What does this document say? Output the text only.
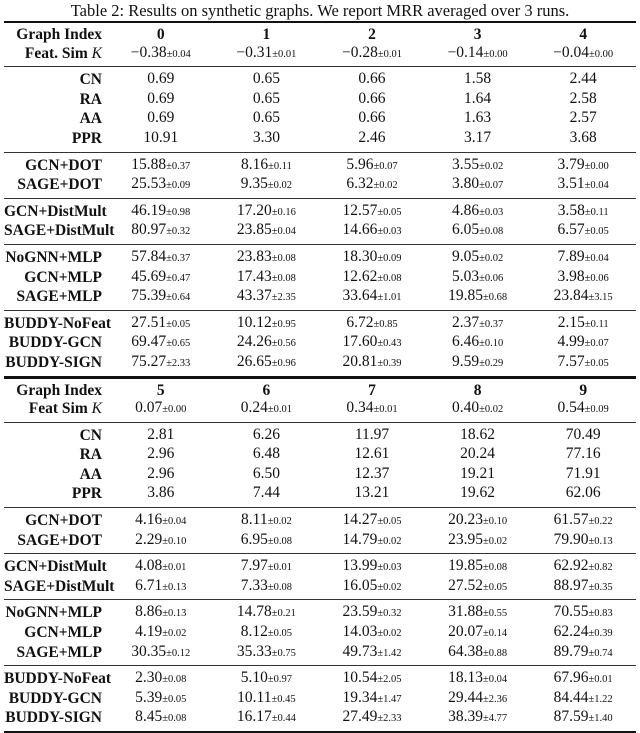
Table 2: Results on synthetic graphs. We report MRR averaged over 3 runs.
Graph Index	0	1	2	3	4
Feat. Sim K	−0.38±0.04	−0.31±0.01	−0.28±0.01	−0.14±0.00	−0.04±0.00
CN	0.69	0.65	0.66	1.58	2.44
RA	0.69	0.65	0.66	1.64	2.58
AA	0.69	0.65	0.66	1.63	2.57
PPR	10.91	3.30	2.46	3.17	3.68
GCN+DOT	15.88±0.37	8.16±0.11	5.96±0.07	3.55±0.02	3.79±0.00
SAGE+DOT	25.53±0.09	9.35±0.02	6.32±0.02	3.80±0.07	3.51±0.04
GCN+DistMult	46.19±0.98	17.20±0.16	12.57±0.05	4.86±0.03	3.58±0.11
SAGE+DistMult	80.97±0.32	23.85±0.04	14.66±0.03	6.05±0.08	6.57±0.05
NoGNN+MLP	57.84±0.37	23.83±0.08	18.30±0.09	9.05±0.02	7.89±0.04
GCN+MLP	45.69±0.47	17.43±0.08	12.62±0.08	5.03±0.06	3.98±0.06
SAGE+MLP	75.39±0.64	43.37±2.35	33.64±1.01	19.85±0.68	23.84±3.15
BUDDY-NoFeat	27.51±0.05	10.12±0.95	6.72±0.85	2.37±0.37	2.15±0.11
BUDDY-GCN	69.47±0.65	24.26±0.56	17.60±0.43	6.46±0.10	4.99±0.07
BUDDY-SIGN	75.27±2.33	26.65±0.96	20.81±0.39	9.59±0.29	7.57±0.05
Graph Index	5	6	7	8	9
Feat Sim K	0.07±0.00	0.24±0.01	0.34±0.01	0.40±0.02	0.54±0.09
CN	2.81	6.26	11.97	18.62	70.49
RA	2.96	6.48	12.61	20.24	77.16
AA	2.96	6.50	12.37	19.21	71.91
PPR	3.86	7.44	13.21	19.62	62.06
GCN+DOT	4.16±0.04	8.11±0.02	14.27±0.05	20.23±0.10	61.57±0.22
SAGE+DOT	2.29±0.10	6.95±0.08	14.79±0.02	23.95±0.02	79.90±0.13
GCN+DistMult	4.08±0.01	7.97±0.01	13.99±0.03	19.85±0.08	62.92±0.82
SAGE+DistMult	6.71±0.13	7.33±0.08	16.05±0.02	27.52±0.05	88.97±0.35
NoGNN+MLP	8.86±0.13	14.78±0.21	23.59±0.32	31.88±0.55	70.55±0.83
GCN+MLP	4.19±0.02	8.12±0.05	14.03±0.02	20.07±0.14	62.24±0.39
SAGE+MLP	30.35±0.12	35.33±0.75	49.73±1.42	64.38±0.88	89.79±0.74
BUDDY-NoFeat	2.30±0.08	5.10±0.97	10.54±2.05	18.13±0.04	67.96±0.01
BUDDY-GCN	5.39±0.05	10.11±0.45	19.34±1.47	29.44±2.36	84.44±1.22
BUDDY-SIGN	8.45±0.08	16.17±0.44	27.49±2.33	38.39±4.77	87.59±1.40
